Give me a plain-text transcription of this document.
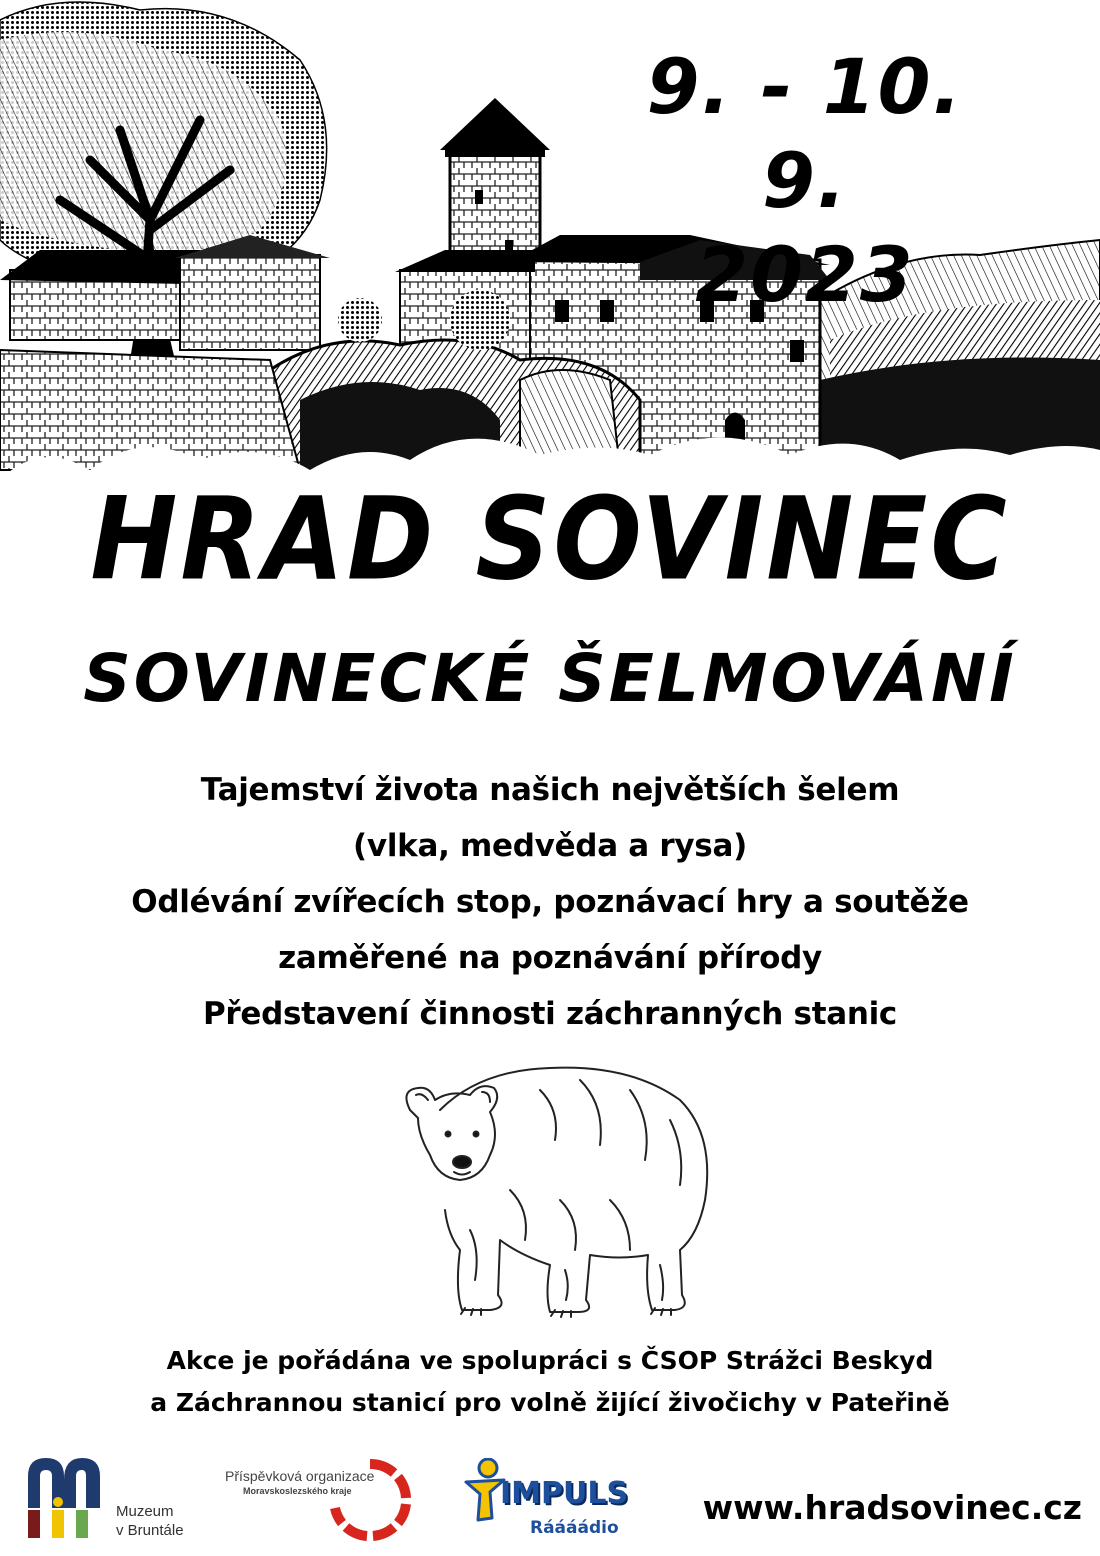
9. - 10. 9.
2023
HRAD SOVINEC
SOVINECKÉ ŠELMOVÁNÍ

Tajemství života našich největších šelem

(vlka, medvěda a rysa)

Odlévání zvířecích stop, poznávací hry a soutěže

zaměřené na poznávání přírody

Představení činnosti záchranných stanic

Akce je pořádána ve spolupráci s ČSOP Strážci Beskyd

a Záchrannou stanicí pro volně žijící živočichy v Pateřině

Muzeum
v Bruntále
Příspěvková organizace
Moravskoslezského kraje	IMPULS
Ráááádio
www.hradsovinec.cz
